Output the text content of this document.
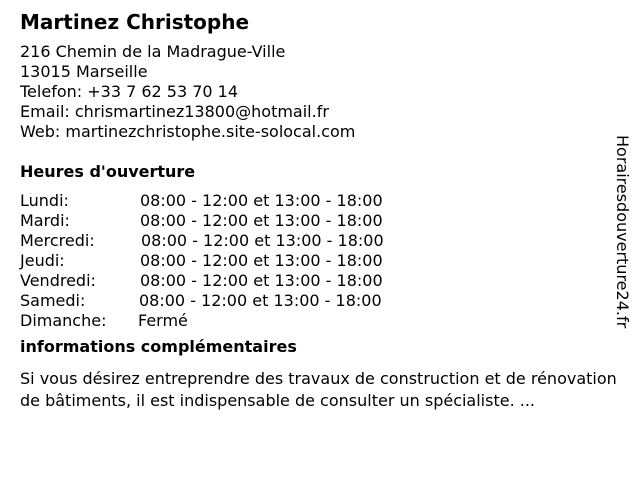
Martinez Christophe
216 Chemin de la Madrague-Ville
13015 Marseille
Telefon: +33 7 62 53 70 14
Email: chrismartinez13800@hotmail.fr
Web: martinezchristophe.site-solocal.com
Heures d'ouverture
Lundi:	08:00 - 12:00 et 13:00 - 18:00
Mardi:	08:00 - 12:00 et 13:00 - 18:00
Mercredi:	08:00 - 12:00 et 13:00 - 18:00
Jeudi:	08:00 - 12:00 et 13:00 - 18:00
Vendredi:	08:00 - 12:00 et 13:00 - 18:00
Samedi:	08:00 - 12:00 et 13:00 - 18:00
Dimanche: Fermé
informations complémentaires
Si vous désirez entreprendre des travaux de construction et de rénovation de bâtiments, il est indispensable de consulter un spécialiste. ...
Horairesdouverture24.fr
